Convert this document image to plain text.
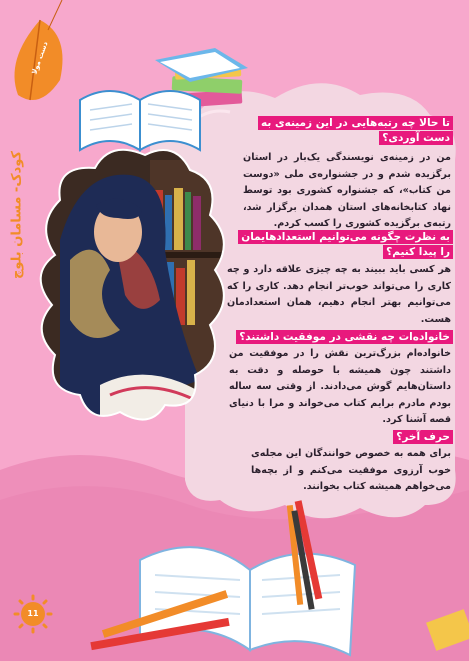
کودک- مسامان بلوچ
دست مولا
تا حالا چه رتبه‌هایی در این زمینه‌ی به دست آوردی؟
من در زمینه‌ی نویسندگی یک‌بار در استان برگزیده شدم و در جشنواره‌ی ملی «دوست من کتاب»، که جشنواره کشوری بود توسط نهاد کتابخانه‌های استان همدان برگزار شد، رتبه‌ی برگزیده کشوری را کسب کردم.
به نظرت چگونه می‌توانیم استعدادهایمان را پیدا کنیم؟
هر کسی باید ببیند به چه چیزی علاقه دارد و چه کاری را می‌تواند خوب‌تر انجام دهد. کاری را که می‌توانیم بهتر انجام دهیم، همان استعدادمان هست.
خانواده‌ات چه نقشی در موفقیت داشتند؟
خانواده‌ام بزرگ‌ترین نقش را در موفقیت من داشتند چون همیشه با حوصله و دقت به داستان‌هایم گوش می‌دادند. از وقتی سه ساله بودم مادرم برایم کتاب می‌خواند و مرا با دنیای قصه آشنا کرد.
حرف آخر؟
برای همه به خصوص خوانندگان این مجله‌ی خوب آرزوی موفقیت می‌کنم و از بچه‌ها می‌خواهم همیشه کتاب بخوانند.
11
